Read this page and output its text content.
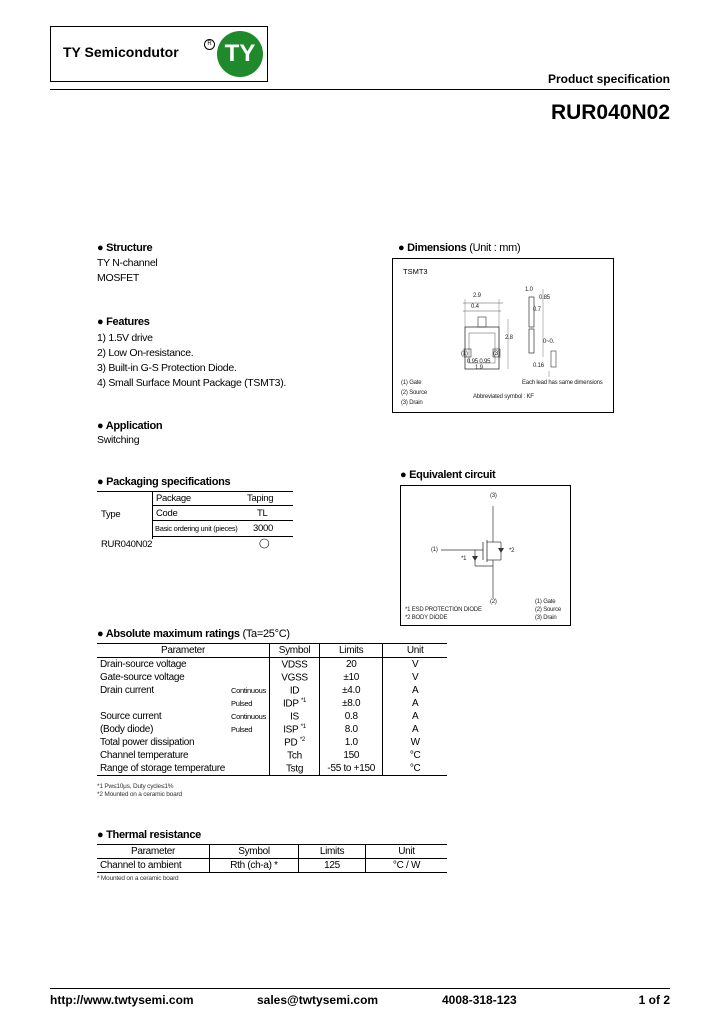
TY Semicondutor	R TY
Product specification
RUR040N02
● Structure
TY N-channel
MOSFET
● Features
1) 1.5V drive
2) Low On-resistance.
3) Built-in G-S Protection Diode.
4) Small Surface Mount Package (TSMT3).
● Application
Switching
● Dimensions (Unit : mm)
TSMT3
2.9
0.4
(1)	(3)
0.95 0.95
1.9
1.0
0.85
0.7
2.8
0~0.
0.16
(1) Gate
(2) Source
(3) Drain
Each lead has same dimensions
Abbreviated symbol : KF
● Packaging specifications
Type
Package	Taping
Code	TL
Basic ordering unit (pieces) 3000
RUR040N02	◯
● Equivalent circuit
(3)
(1)
*1
*2
(2)
*1 ESD PROTECTION DIODE
*2 BODY DIODE
(1) Gate
(2) Source
(3) Drain
● Absolute maximum ratings (Ta=25°C)
Parameter		Symbol	Limits	Unit
Drain-source voltage		VDSS	20	V
Gate-source voltage		VGSS	±10	V
Drain current	Continuous	ID	±4.0	A
	Pulsed	IDP $^{*1}$	±8.0	A
Source current	Continuous	IS	0.8	A
(Body diode)	Pulsed	ISP $^{*1}$	8.0	A
Total power dissipation		PD $^{*2}$	1.0	W
Channel temperature		Tch	150	°C
Range of storage temperature		Tstg	-55 to +150	°C
*1 Pw≤10μs, Duty cycle≤1%
*2 Mounted on a ceramic board
● Thermal resistance
Parameter	Symbol	Limits	Unit
Channel to ambient	Rth (ch-a) *	125	°C / W
* Mounted on a ceramic board
http://www.twtysemi.com	sales@twtysemi.com	4008-318-123	1 of 2
